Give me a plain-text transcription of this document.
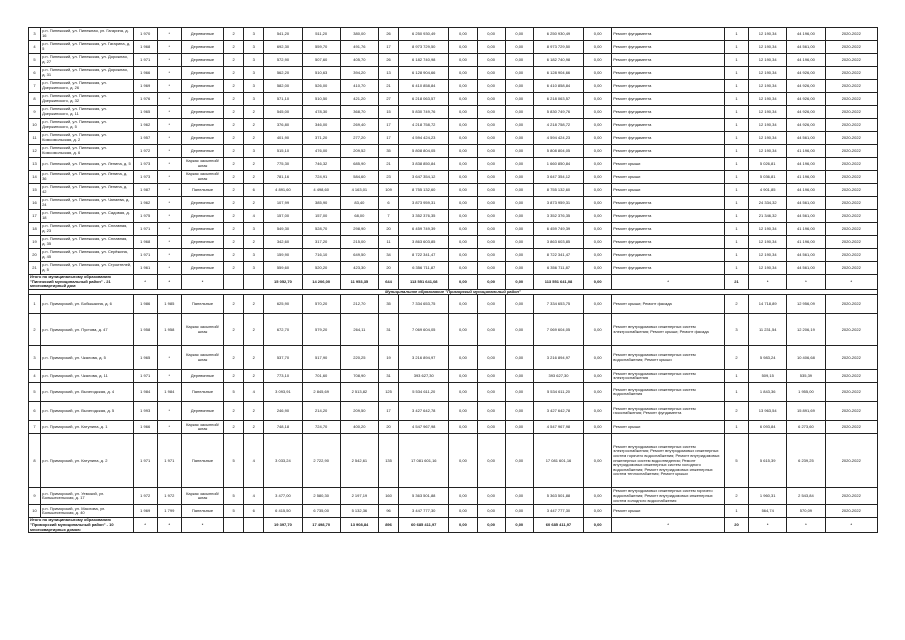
3	р.п. Пинежский, ул. Пинежная, ул. Гагарина, д. 16	1 970	*	Деревянные	2	3	541,20	511,20	380,00	26	6 250 930,49	0,00	0,00	0,00	6 250 930,49	0,00	Ремонт фундамента	1	12 190,34	44 196,00	2020-2022
4	р.п. Пинежский, ул. Пинежская, ул. Гагарина, д. 5	1 968	*	Деревянные	2	3	692,30	559,70	491,76	17	8 973 729,50	0,00	0,00	0,00	8 973 729,50	0,00	Ремонт фундамента	1	12 190,34	44 561,00	2020-2022
5	р.п. Пинежский, ул. Пинежская, ул. Дорожная, д. 27	1 971	*	Деревянные	2	3	572,90	507,60	405,70	26	6 182 740,98	0,00	0,00	0,00	6 182 740,98	0,00	Ремонт фундамента	1	12 190,34	44 196,00	2020-2022
6	р.п. Пинежский, ул. Пинежская, ул. Дорожная, д. 31	1 966	*	Деревянные	2	3	562,20	510,63	394,20	13	6 128 904,66	0,00	0,00	0,00	6 128 904,66	0,00	Ремонт фундамента	1	12 190,34	44 926,00	2020-2022
7	р.п. Пинежский, ул. Пинежская, ул. Дзержинского, д. 26	1 969	*	Деревянные	2	3	582,00	526,00	410,70	21	6 410 858,84	0,00	0,00	0,00	6 410 858,84	0,00	Ремонт фундамента	1	12 190,34	44 926,00	2020-2022
8	р.п. Пинежский, ул. Пинежская, ул. Дзержинского, д. 32	1 976	*	Деревянные	2	3	571,10	510,50	421,20	27	6 218 063,57	0,00	0,00	0,00	6 218 063,57	0,00	Ремонт фундамента	1	12 190,34	44 926,00	2020-2022
9	р.п. Пинежский, ул. Пинежская, ул. Дзержинского, д. 11	1 965	*	Деревянные	2	2	545,00	478,30	368,70	15	5 830 749,76	0,00	0,00	0,00	5 830 749,76	0,00	Ремонт фундамента	1	12 190,34	44 926,00	2020-2022
10	р.п. Пинежский, ул. Пинежская, ул. Дзержинского, д. 5	1 962	*	Деревянные	2	2	376,80	346,00	269,40	17	4 218 758,72	0,00	0,00	0,00	4 218 758,72	0,00	Ремонт фундамента	1	12 190,34	44 926,00	2020-2022
11	р.п. Пинежский, ул. Пинежская, ул. Комсомольская, д. 2	1 957	*	Деревянные	2	2	401,90	371,20	277,20	17	4 594 424,23	0,00	0,00	0,00	4 594 424,23	0,00	Ремонт фундамента	1	12 190,34	44 561,00	2020-2022
12	р.п. Пинежский, ул. Пинежская, ул. Комсомольская, д. 6	1 972	*	Деревянные	2	3	515,10	476,00	209,52	35	5 808 804,05	0,00	0,00	0,00	5 808 804,05	0,00	Ремонт фундамента	1	12 190,34	41 196,00	2020-2022
13	р.п. Пинежский, ул. Пинежская, ул. Ленина, д. 5	1 973	*	Каркас засыпной/шлак	2	2	775,30	746,32	685,90	21	3 838 850,84	0,00	0,00	0,00	1 660 850,84	0,00	Ремонт крыши	1	5 026,81	44 196,00	2020-2022
14	р.п. Пинежский, ул. Пинежская, ул. Ленина, д. 36	1 973	*	Каркас засыпной/шлак	2	2	781,16	724,91	584,60	23	3 647 354,12	0,00	0,00	0,00	3 647 354,12	0,00	Ремонт крыши	1	5 036,81	41 196,00	2020-2022
15	р.п. Пинежский, ул. Пинежская, ул. Ленина, д. 42	1 987	*	Панельные	2	6	4 891,60	4 498,60	4 163,01	109	8 755 132,60	0,00	0,00	0,00	8 755 132,60	0,00	Ремонт крыши	1	4 901,85	44 196,00	2020-2022
16	р.п. Пинежский, ул. Пинежская, ул. Чапаева, д. 24	1 962	*	Деревянные	2	2	107,99	385,90	83,40	6	3 873 959,31	0,00	0,00	0,00	3 873 959,31	0,00	Ремонт фундамента	1	24 334,32	44 561,00	2020-2022
17	р.п. Пинежский, ул. Пинежская, ул. Садовая, д. 18	1 975	*	Деревянные	2	4	157,00	157,00	68,00	7	3 352 376,35	0,00	0,00	0,00	3 352 376,35	0,00	Ремонт фундамента	1	21 346,32	44 561,00	2020-2022
18	р.п. Пинежский, ул. Пинежская, ул. Сплавная, д. 23	1 971	*	Деревянные	2	3	549,30	528,70	298,90	20	6 459 749,39	0,00	0,00	0,00	6 459 749,39	0,00	Ремонт фундамента	1	12 190,34	41 196,00	2020-2022
19	р.п. Пинежский, ул. Пинежская, ул. Сплавная, д. 35	1 968	*	Деревянные	2	2	342,60	317,20	215,00	11	3 863 603,85	0,00	0,00	0,00	3 863 603,85	0,00	Ремонт фундамента	1	12 190,34	41 196,00	2020-2022
20	р.п. Пинежский, ул. Пинежская, ул. Серёжина, д. 45	1 971	*	Деревянные	2	3	159,90	716,10	649,50	34	8 722 341,47	0,00	0,00	0,00	8 722 341,47	0,00	Ремонт фундамента	1	12 190,34	44 561,00	2020-2022
21	р.п. Пинежский, ул. Пинежская, ул. Строителей, д. 5	1 961	*	Деревянные	2	3	559,60	520,20	423,30	20	6 356 711,87	0,00	0,00	0,00	6 356 711,87	0,00	Ремонт фундамента	1	12 190,34	44 561,00	2020-2022
Итого по муниципальному образованию "Пинежский муниципальный район" - 21 многоквартирный дом:		*	*	*			15 052,70	14 206,00	11 953,35	644	113 551 641,08	0,00	0,00	0,00	113 551 641,08	0,00	*	21	*	*	*
Муниципальное образование "Приморский муниципальный район"																					
1	р.п. Приморский, ул. Бобышкина, д. 6	1 986	1 985	Панельные	2	2	625,90	570,20	212,70	35	7 334 653,75	0,00	0,00	0,00	7 334 653,75	0,00	Ремонт крыши; Ремонт фасада	2	14 718,89	12 956,09	2020-2022
2	р.п. Приморский, ул. Пустова, д. 47	1 958	1 958	Каркас засыпной/шлак	2	2	672,70	579,20	264,11	31	7 069 604,05	0,00	0,00	0,00	7 069 604,05	0,00	Ремонт внутридомовых инженерных систем электроснабжения; Ремонт крыши; Ремонт фасада	3	11 231,54	12 206,19	2020-2022
3	р.п. Приморский, ул. Чкалова, д. 5	1 965	*	Каркас засыпной/шлак	2	2	537,70	517,90	220,25	19	3 216 894,97	0,00	0,00	0,00	3 216 894,97	0,00	Ремонт внутридомовых инженерных систем водоснабжения; Ремонт крыши	2	5 983,24	10 406,68	2020-2022
4	р.п. Приморский, ул. Чкалова, д. 11	1 971	*	Деревянные	2	2	773,10	701,60	708,90	31	393 627,30	0,00	0,00	0,00	393 627,30	0,00	Ремонт внутридомовых инженерных систем электроснабжения	1	509,15	535,39	2020-2022
5	р.п. Приморский, ул. Вычегодская, д. 4	1 984	1 984	Панельные	5	4	3 093,91	2 845,69	2 513,82	125	5 534 611,20	0,00	0,00	0,00	5 534 611,20	0,00	Ремонт внутридомовых инженерных систем водоснабжения	1	1 843,36	1 955,00	2020-2022
6	р.п. Приморский, ул. Вычегодская, д. 5	1 993	*	Деревянные	2	2	246,90	214,20	209,50	17	3 427 642,78	0,00	0,00	0,00	3 427 642,78	0,00	Ремонт внутридомовых инженерных систем газоснабжения; Ремонт фундамента	2	13 963,54	15 891,69	2020-2022
7	р.п. Приморский, ул. Катунина, д. 1	1 966	*	Каркас засыпной/шлак	2	2	748,18	724,70	400,20	20	4 547 967,98	0,00	0,00	0,00	4 547 967,98	0,00	Ремонт крыши	1	6 093,84	6 273,60	2020-2022
8	р.п. Приморский, ул. Катунина, д. 2	1 971	1 971	Панельные	5	4	3 033,24	2 722,90	2 542,61	135	17 081 601,16	0,00	0,00	0,00	17 081 601,16	0,00	Ремонт внутридомовых инженерных систем электроснабжения; Ремонт внутридомовых инженерных систем горячего водоснабжения; Ремонт внутридомовых инженерных систем водоотведения; Ремонт внутридомовых инженерных систем холодного водоснабжения; Ремонт внутридомовых инженерных систем теплоснабжения; Ремонт крыши	5	5 615,39	6 239,25	2020-2022
9	р.п. Приморский, ул. Уемский, ул. Большесельская, д. 17	1 972	1 972	Каркас засыпной/шлак	5	4	3 477,00	2 580,30	2 197,19	160	5 363 501,88	0,00	0,00	0,00	5 363 501,88	0,00	Ремонт внутридомовых инженерных систем горячего водоснабжения; Ремонт внутридомовых инженерных систем холодного водоснабжения	2	1 960,31	2 543,84	2020-2022
10	р.п. Приморский, ул. Маслова, ул. Большесельская, д. 40	1 969	1 799	Панельные	5	6	6 415,50	6 735,00	5 132,36	96	3 447 777,30	0,00	0,00	0,00	3 447 777,30	0,00	Ремонт крыши	1	564,74	570,09	2020-2022
Итого по муниципальному образованию "Приморский муниципальный район" - 10 многоквартирных домов:		*	*	*			19 397,70	17 498,70	13 908,84	896	60 685 411,97	0,00	0,00	0,00	60 685 411,97	0,00	*	20	*	*	*
